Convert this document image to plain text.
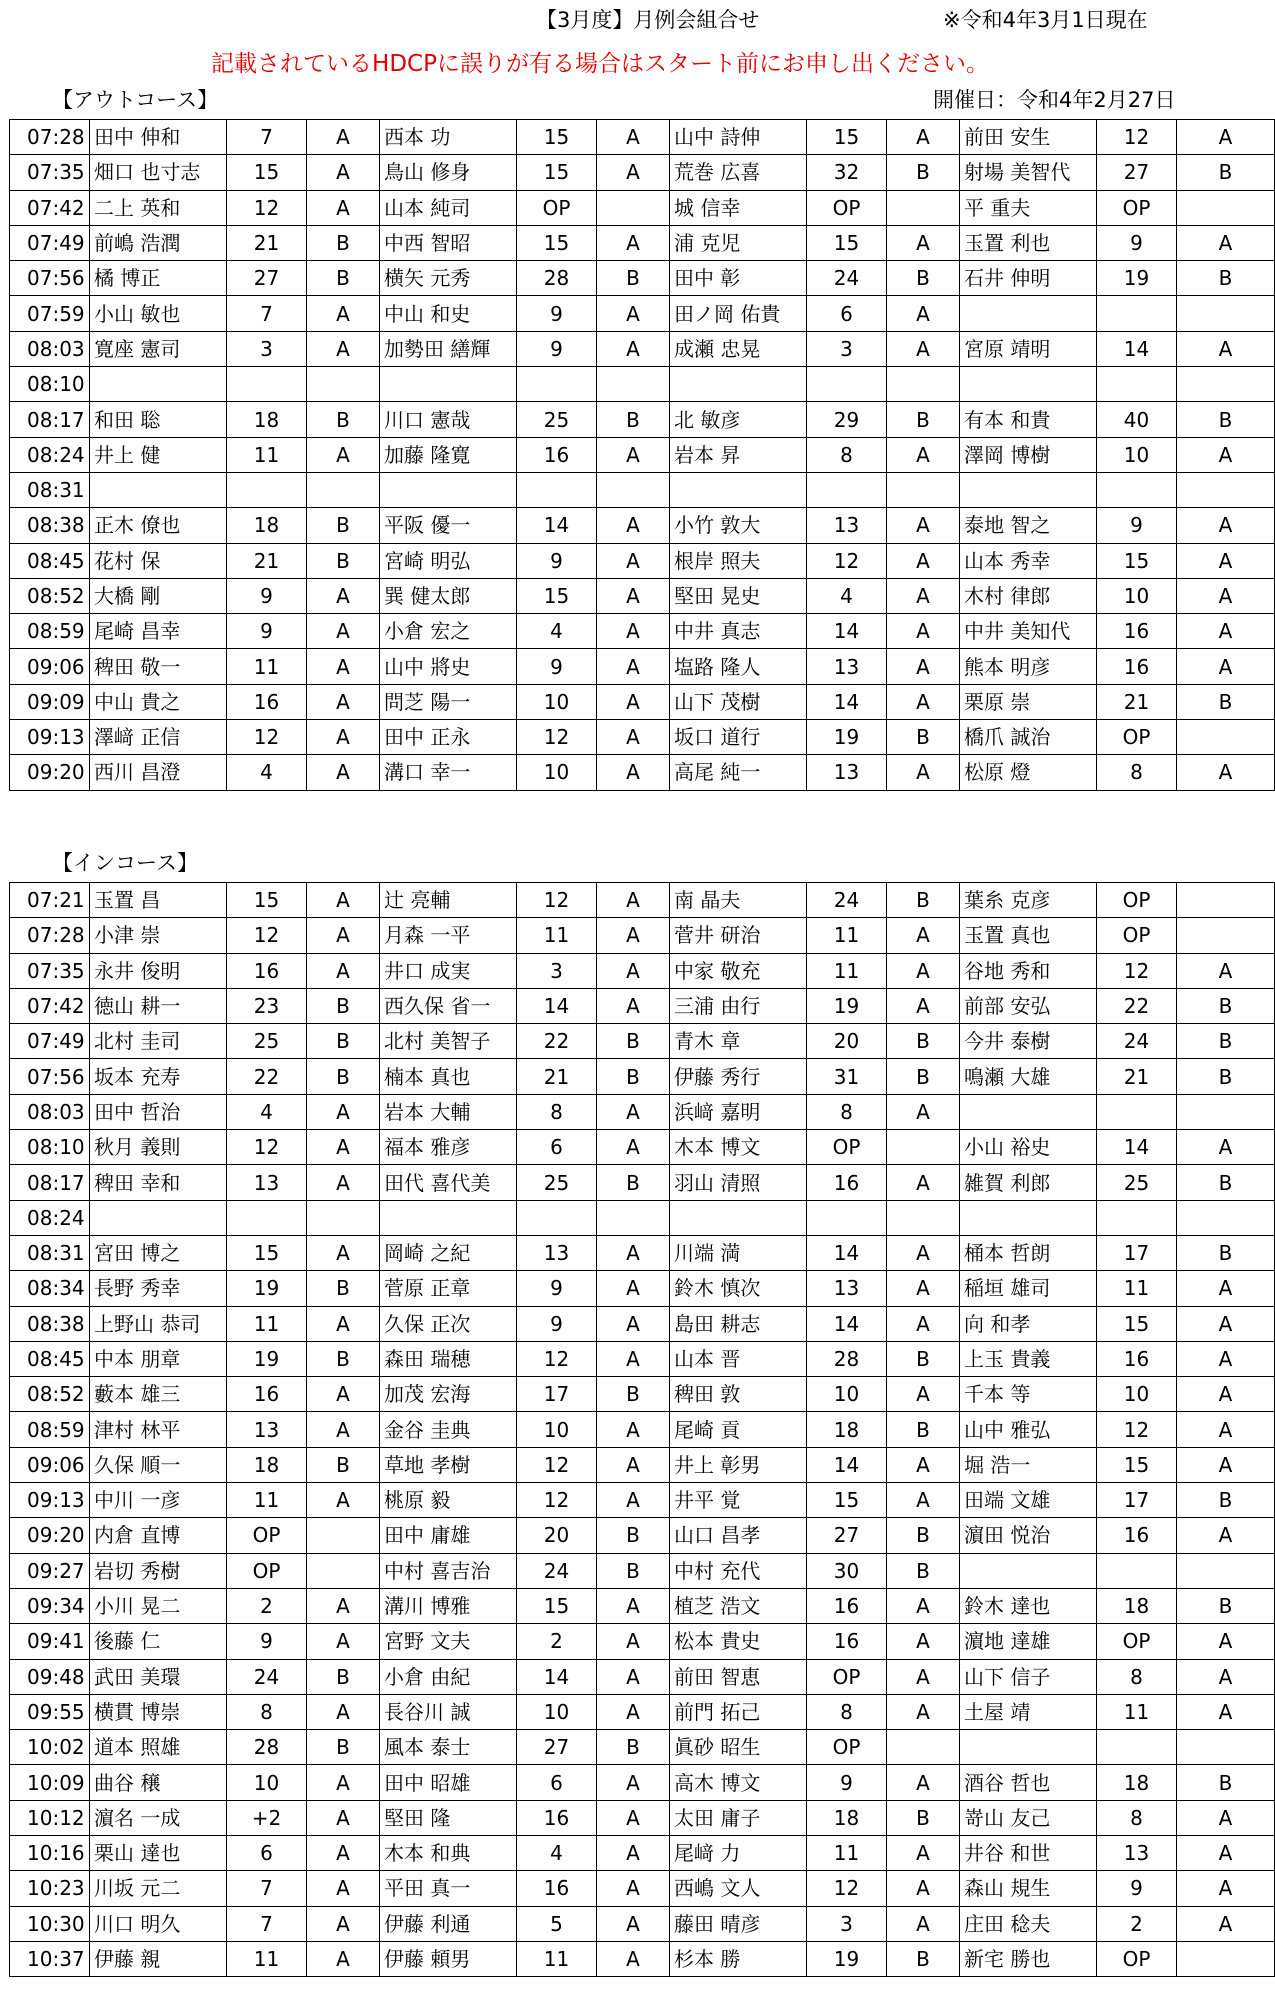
【3月度】月例会組合せ	※令和4年3月1日現在
記載されているHDCPに誤りが有る場合はスタート前にお申し出ください。
【アウトコース】	開催日：令和4年2月27日
07:28	田中 伸和	7	A	西本 功	15	A	山中 詩伸	15	A	前田 安生	12	A
07:35	畑口 也寸志	15	A	鳥山 修身	15	A	荒巻 広喜	32	B	射場 美智代	27	B
07:42	二上 英和	12	A	山本 純司	OP		城 信幸	OP		平 重夫	OP	
07:49	前嶋 浩潤	21	B	中西 智昭	15	A	浦 克児	15	A	玉置 利也	9	A
07:56	橘 博正	27	B	横矢 元秀	28	B	田中 彰	24	B	石井 伸明	19	B
07:59	小山 敏也	7	A	中山 和史	9	A	田ノ岡 佑貴	6	A			
08:03	寛座 憲司	3	A	加勢田 繕輝	9	A	成瀬 忠晃	3	A	宮原 靖明	14	A
08:10												
08:17	和田 聡	18	B	川口 憲哉	25	B	北 敏彦	29	B	有本 和貴	40	B
08:24	井上 健	11	A	加藤 隆寛	16	A	岩本 昇	8	A	澤岡 博樹	10	A
08:31												
08:38	正木 僚也	18	B	平阪 優一	14	A	小竹 敦大	13	A	泰地 智之	9	A
08:45	花村 保	21	B	宮崎 明弘	9	A	根岸 照夫	12	A	山本 秀幸	15	A
08:52	大橋 剛	9	A	巽 健太郎	15	A	堅田 晃史	4	A	木村 律郎	10	A
08:59	尾崎 昌幸	9	A	小倉 宏之	4	A	中井 真志	14	A	中井 美知代	16	A
09:06	稗田 敬一	11	A	山中 將史	9	A	塩路 隆人	13	A	熊本 明彦	16	A
09:09	中山 貴之	16	A	問芝 陽一	10	A	山下 茂樹	14	A	栗原 崇	21	B
09:13	澤﨑 正信	12	A	田中 正永	12	A	坂口 道行	19	B	橋爪 誠治	OP	
09:20	西川 昌澄	4	A	溝口 幸一	10	A	高尾 純一	13	A	松原 燈	8	A
【インコース】
07:21	玉置 昌	15	A	辻 亮輔	12	A	南 晶夫	24	B	葉糸 克彦	OP	
07:28	小津 崇	12	A	月森 一平	11	A	菅井 研治	11	A	玉置 真也	OP	
07:35	永井 俊明	16	A	井口 成実	3	A	中家 敬充	11	A	谷地 秀和	12	A
07:42	徳山 耕一	23	B	西久保 省一	14	A	三浦 由行	19	A	前部 安弘	22	B
07:49	北村 圭司	25	B	北村 美智子	22	B	青木 章	20	B	今井 泰樹	24	B
07:56	坂本 充寿	22	B	楠本 真也	21	B	伊藤 秀行	31	B	鳴瀬 大雄	21	B
08:03	田中 哲治	4	A	岩本 大輔	8	A	浜﨑 嘉明	8	A			
08:10	秋月 義則	12	A	福本 雅彦	6	A	木本 博文	OP		小山 裕史	14	A
08:17	稗田 幸和	13	A	田代 喜代美	25	B	羽山 清照	16	A	雑賀 利郎	25	B
08:24												
08:31	宮田 博之	15	A	岡崎 之紀	13	A	川端 満	14	A	桶本 哲朗	17	B
08:34	長野 秀幸	19	B	菅原 正章	9	A	鈴木 慎次	13	A	稲垣 雄司	11	A
08:38	上野山 恭司	11	A	久保 正次	9	A	島田 耕志	14	A	向 和孝	15	A
08:45	中本 朋章	19	B	森田 瑞穂	12	A	山本 晋	28	B	上玉 貴義	16	A
08:52	藪本 雄三	16	A	加茂 宏海	17	B	稗田 敦	10	A	千本 等	10	A
08:59	津村 林平	13	A	金谷 圭典	10	A	尾崎 貢	18	B	山中 雅弘	12	A
09:06	久保 順一	18	B	草地 孝樹	12	A	井上 彰男	14	A	堀 浩一	15	A
09:13	中川 一彦	11	A	桃原 毅	12	A	井平 覚	15	A	田端 文雄	17	B
09:20	内倉 直博	OP		田中 庸雄	20	B	山口 昌孝	27	B	濵田 悦治	16	A
09:27	岩切 秀樹	OP		中村 喜吉治	24	B	中村 充代	30	B			
09:34	小川 晃二	2	A	溝川 博雅	15	A	植芝 浩文	16	A	鈴木 達也	18	B
09:41	後藤 仁	9	A	宮野 文夫	2	A	松本 貴史	16	A	濵地 達雄	OP	A
09:48	武田 美環	24	B	小倉 由紀	14	A	前田 智恵	OP	A	山下 信子	8	A
09:55	横貫 博崇	8	A	長谷川 誠	10	A	前門 拓己	8	A	土屋 靖	11	A
10:02	道本 照雄	28	B	風本 泰士	27	B	眞砂 昭生	OP				
10:09	曲谷 穣	10	A	田中 昭雄	6	A	高木 博文	9	A	酒谷 哲也	18	B
10:12	濵名 一成	+2	A	堅田 隆	16	A	太田 庸子	18	B	嵜山 友己	8	A
10:16	栗山 達也	6	A	木本 和典	4	A	尾﨑 力	11	A	井谷 和世	13	A
10:23	川坂 元二	7	A	平田 真一	16	A	西嶋 文人	12	A	森山 規生	9	A
10:30	川口 明久	7	A	伊藤 利通	5	A	藤田 晴彦	3	A	庄田 稔夫	2	A
10:37	伊藤 親	11	A	伊藤 頼男	11	A	杉本 勝	19	B	新宅 勝也	OP	
